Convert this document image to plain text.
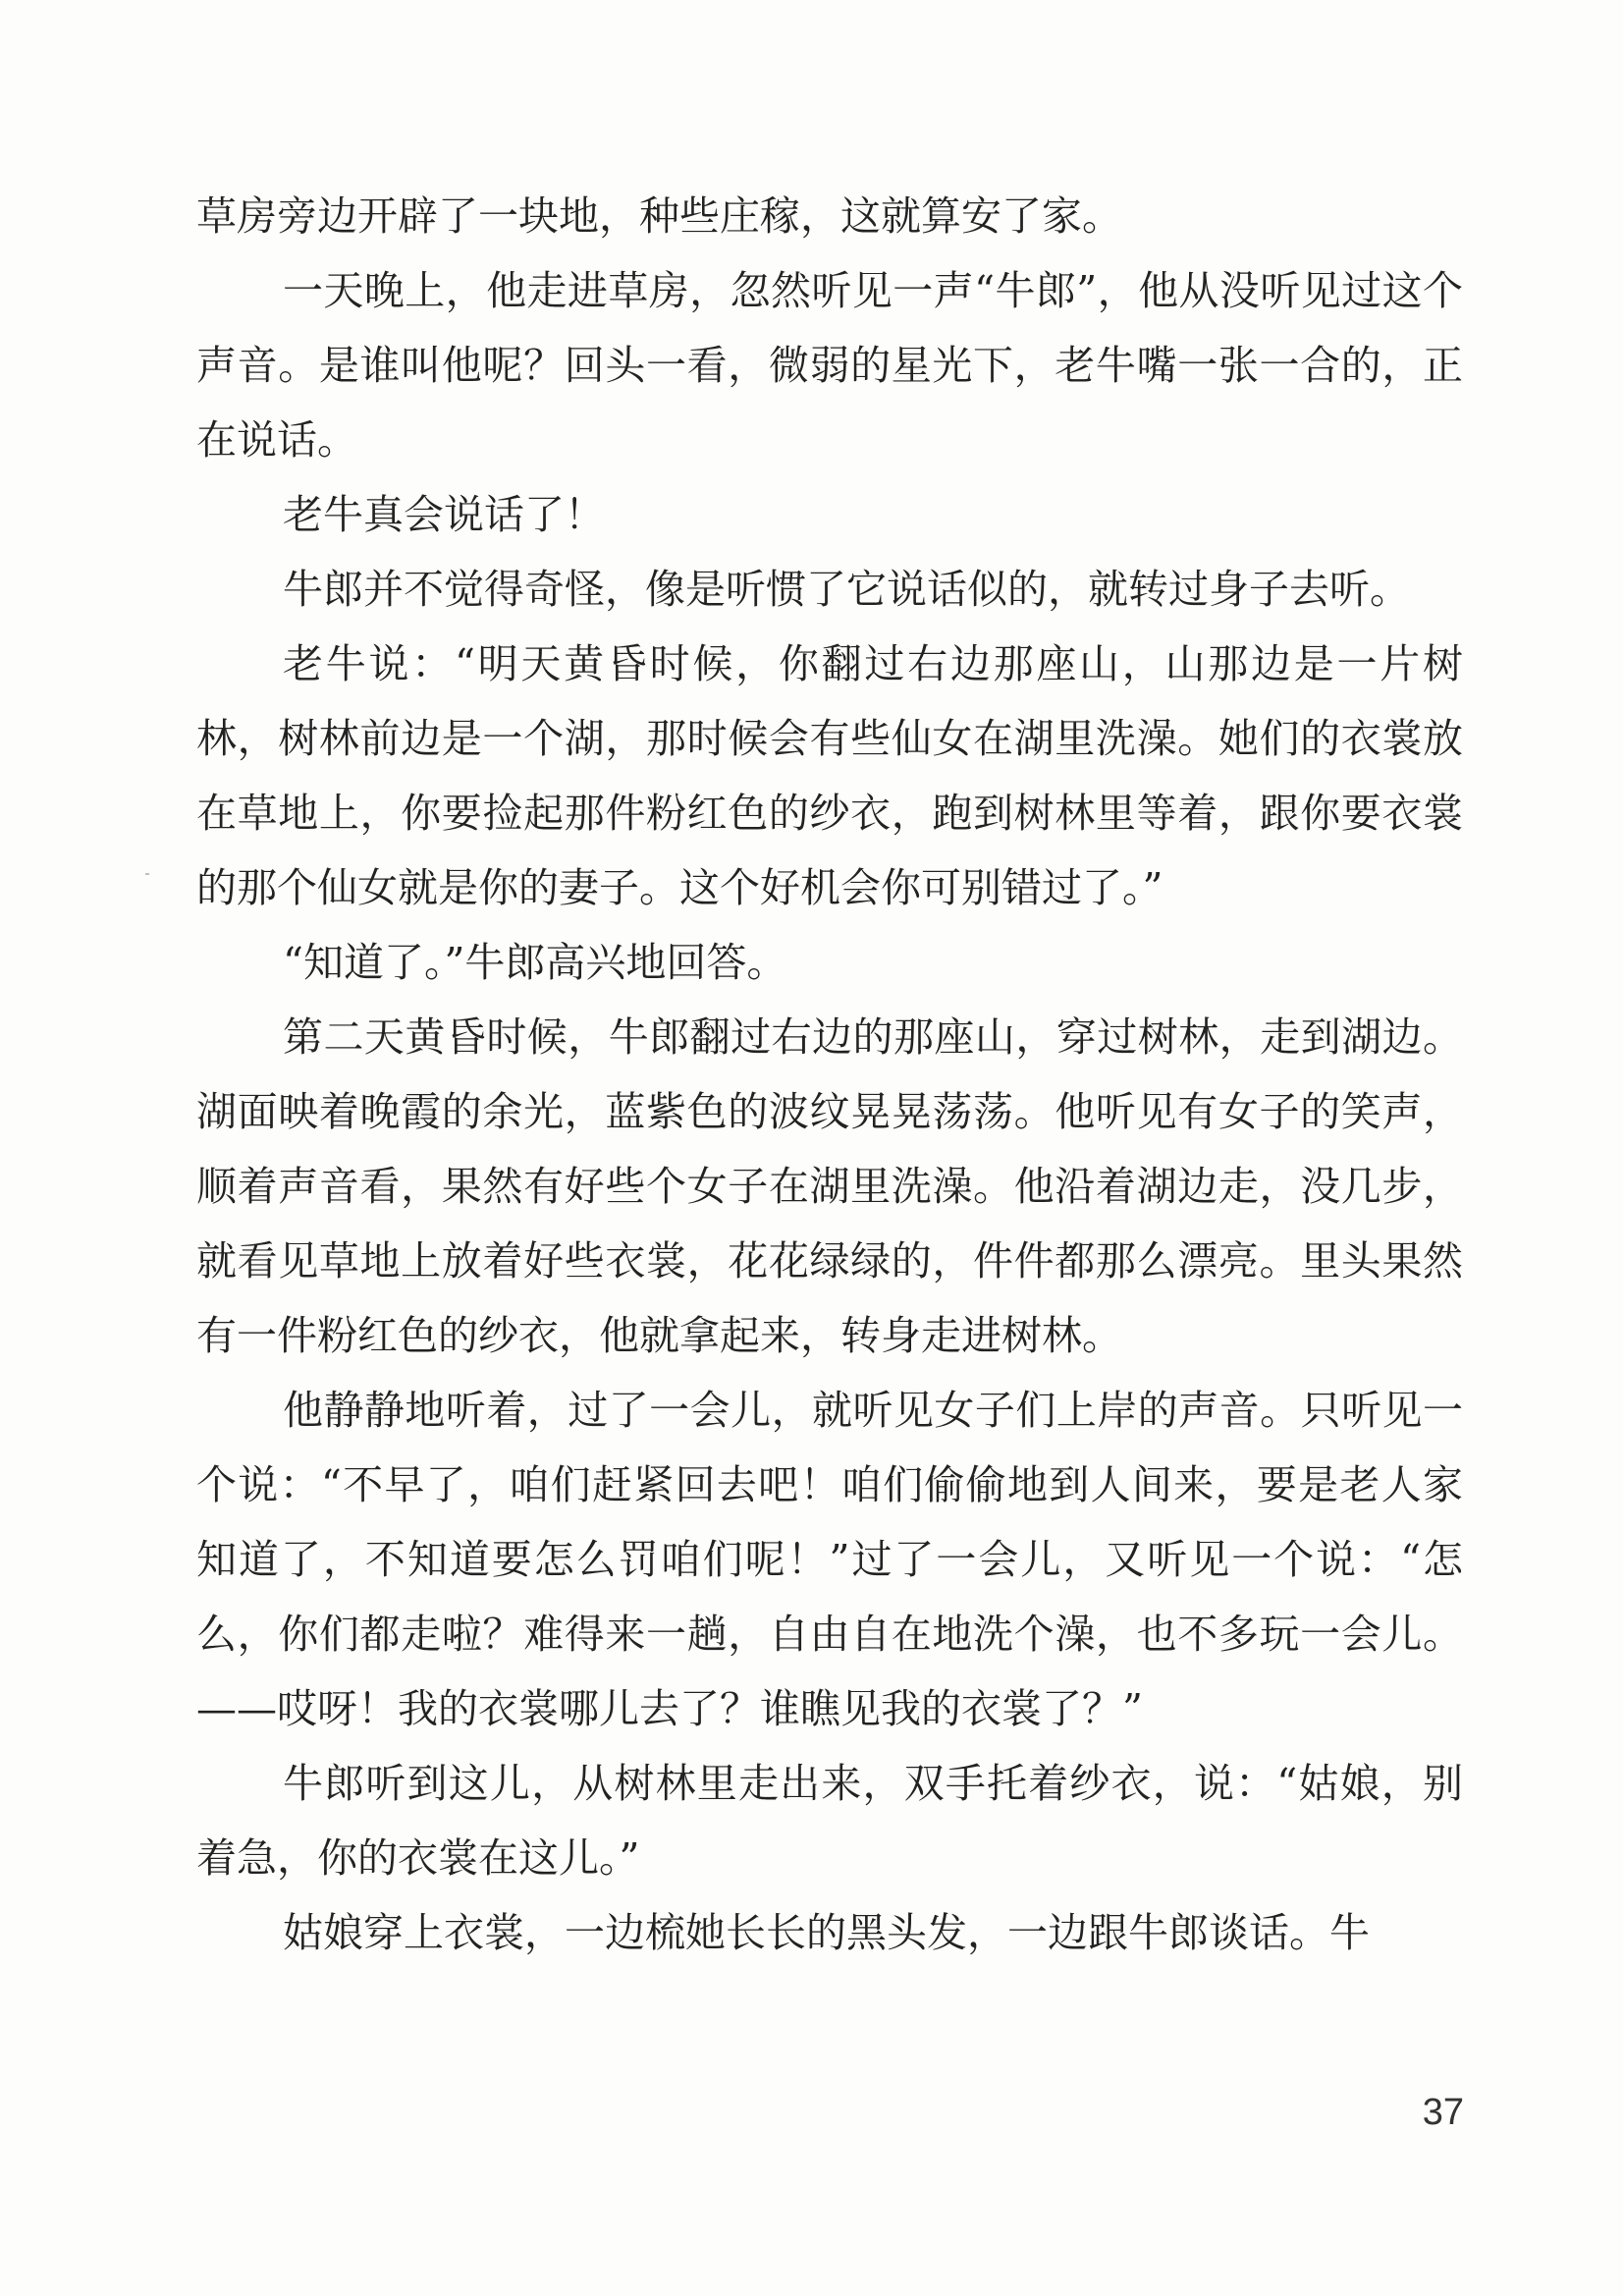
草房旁边开辟了一块地，种些庄稼，这就算安了家。

一天晚上，他走进草房，忽然听见一声“牛郎”，他从没听见过这个声音。是谁叫他呢？回头一看，微弱的星光下，老牛嘴一张一合的，正在说话。

老牛真会说话了！

牛郎并不觉得奇怪，像是听惯了它说话似的，就转过身子去听。

老牛说：“明天黄昏时候，你翻过右边那座山，山那边是一片树林，树林前边是一个湖，那时候会有些仙女在湖里洗澡。她们的衣裳放在草地上，你要捡起那件粉红色的纱衣，跑到树林里等着，跟你要衣裳的那个仙女就是你的妻子。这个好机会你可别错过了。”

“知道了。”牛郎高兴地回答。

第二天黄昏时候，牛郎翻过右边的那座山，穿过树林，走到湖边。湖面映着晚霞的余光，蓝紫色的波纹晃晃荡荡。他听见有女子的笑声，顺着声音看，果然有好些个女子在湖里洗澡。他沿着湖边走，没几步，就看见草地上放着好些衣裳，花花绿绿的，件件都那么漂亮。里头果然有一件粉红色的纱衣，他就拿起来，转身走进树林。

他静静地听着，过了一会儿，就听见女子们上岸的声音。只听见一个说：“不早了，咱们赶紧回去吧！咱们偷偷地到人间来，要是老人家知道了，不知道要怎么罚咱们呢！”过了一会儿，又听见一个说：“怎么，你们都走啦？难得来一趟，自由自在地洗个澡，也不多玩一会儿。——哎呀！我的衣裳哪儿去了？谁瞧见我的衣裳了？”

牛郎听到这儿，从树林里走出来，双手托着纱衣，说：“姑娘，别着急，你的衣裳在这儿。”

姑娘穿上衣裳，一边梳她长长的黑头发，一边跟牛郎谈话。牛

37
